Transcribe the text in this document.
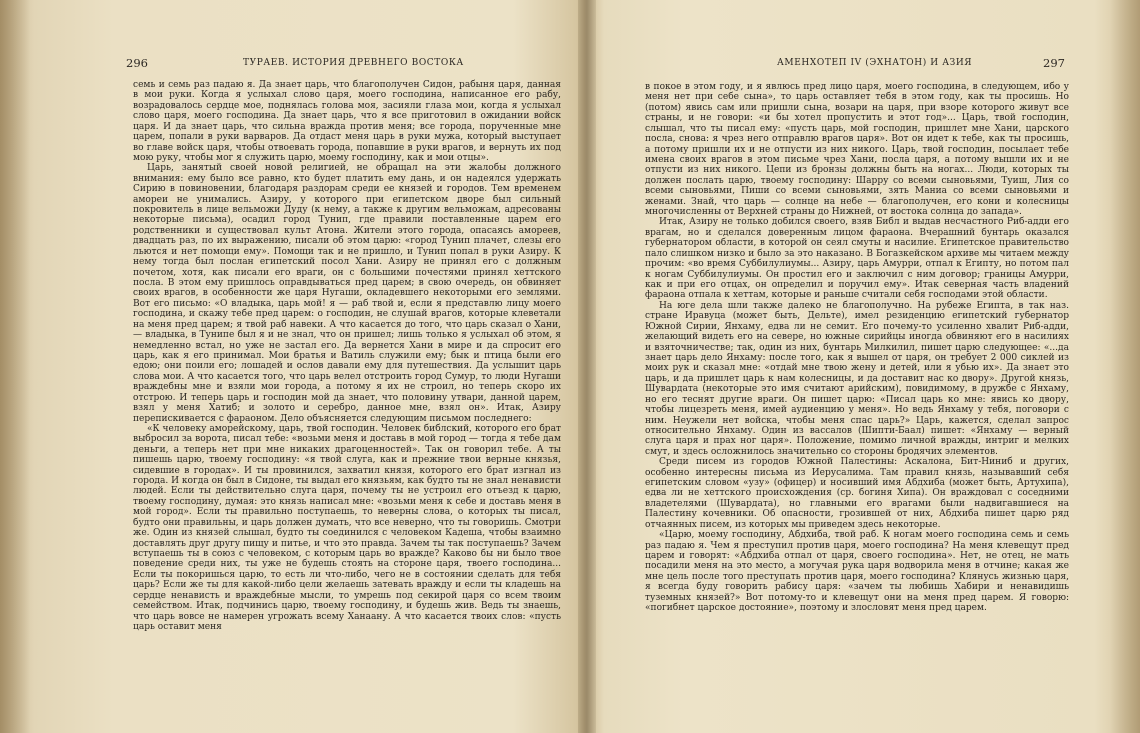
296	ТУРАЕВ. ИСТОРИЯ ДРЕВНЕГО ВОСТОКА

семь и семь раз падаю я. Да знает царь, что благополучен Сидон, рабыня царя, данная в мои руки. Когда я услыхал слово царя, моего господина, написанное его рабу, возрадовалось сердце мое, поднялась голова моя, засияли глаза мои, когда я услыхал слово царя, моего господина. Да знает царь, что я все приготовил в ожидании войск царя. И да знает царь, что сильна вражда против меня; все города, порученные мне царем, попали в руки варваров. Да отдаст меня царь в руки мужа, который выступает во главе войск царя, чтобы отвоевать города, попавшие в руки врагов, и вернуть их под мою руку, чтобы мог я служить царю, моему господину, как и мои отцы».

Царь, занятый своей новой религией, не обращал на эти жалобы должного внимания: ему было все равно, кто будет платить ему дань, и он надеялся удержать Сирию в повиновении, благодаря раздорам среди ее князей и городов. Тем временем амореи не унимались. Азиру, у которого при египетском дворе был сильный покровитель в лице вельможи Дуду (к нему, а также к другим вельможам, адресованы некоторые письма), осадил город Тунип, где правили поставленные царем его родственники и существовал культ Атона. Жители этого города, опасаясь амореев, двадцать раз, по их выражению, писали об этом царю: «город Тунип плачет, слезы его льются и нет помощи ему». Помощи так и не пришло, и Тунип попал в руки Азиру. К нему тогда был послан египетский посол Хани. Азиру не принял его с должным почетом, хотя, как писали его враги, он с большими почестями принял хеттского посла. В этом ему пришлось оправдываться пред царем; в свою очередь, он обвиняет своих врагов, в особенности же царя Нугаши, окладевшего некоторыми его землями. Вот его письмо: «О владыка, царь мой! я — раб твой и, если я представлю лицу моего господина, и скажу тебе пред царем: о господин, не слушай врагов, которые клеветали на меня пред царем; я твой раб навеки. А что касается до того, что царь сказал о Хани, — владыка, в Тунипе был я и не знал, что он пришел; лишь только я услыхал об этом, я немедленно встал, но уже не застал его. Да вернется Хани в мире и да спросит его царь, как я его принимал. Мои братья и Ватиль служили ему; бык и птица были его едою; они поили его; лошадей и ослов давали ему для путешествия. Да услышит царь слова мои. А что касается того, что царь велел отстроить город Сумур, то люди Нугаши враждебны мне и взяли мои города, а потому я их не строил, но теперь скоро их отстрою. И теперь царь и господин мой да знает, что половину утвари, данной царем, взял у меня Хатиб; и золото и серебро, данное мне, взял он». Итак, Азиру перепискивается с фараоном. Дело объясняется следующим письмом последнего:

«К человеку аморейскому, царь, твой господин. Человек библский, которого его брат выбросил за ворота, писал тебе: «возьми меня и доставь в мой город — тогда я тебе дам деньги, а теперь нет при мне никаких драгоценностей». Так он говорил тебе. А ты пишешь царю, твоему господину: «я твой слуга, как и прежние твои верные князья, сидевшие в городах». И ты провинился, захватил князя, которого его брат изгнал из города. И когда он был в Сидоне, ты выдал его князьям, как будто ты не знал ненависти людей. Если ты действительно слуга царя, почему ты не устроил его отъезд к царю, твоему господину, думая: это князь написал мне: «возьми меня к себе и доставь меня в мой город». Если ты правильно поступаешь, то неверны слова, о которых ты писал, будто они правильны, и царь должен думать, что все неверно, что ты говоришь. Смотри же. Один из князей слышал, будто ты соединился с человеком Кадеша, чтобы взаимно доставлять друг другу пищу и питье, и что это правда. Зачем ты так поступаешь? Зачем вступаешь ты в союз с человеком, с которым царь во вражде? Каково бы ни было твое поведение среди них, ты уже не будешь стоять на стороне царя, твоего господина... Если ты покоришься царю, то есть ли что-либо, чего не в состоянии сделать для тебя царь? Если же ты для какой-либо цели желаешь затевать вражду и если ты кладешь на сердце ненависть и враждебные мысли, то умрешь под секирой царя со всем твоим семейством. Итак, подчинись царю, твоему господину, и будешь жив. Ведь ты знаешь, что царь вовсе не намерен угрожать всему Ханаану. А что касается твоих слов: «пусть царь оставит меня

АМЕНХОТЕП IV (ЭХНАТОН) И АЗИЯ	297

в покое в этом году, и я явлюсь пред лицо царя, моего господина, в следующем, ибо у меня нет при себе сына», то царь оставляет тебя в этом году, как ты просишь. Но (потом) явись сам или пришли сына, возари на царя, при взоре которого живут все страны, и не говори: «и бы хотел пропустить и этот год»... Царь, твой господин, слышал, что ты писал ему: «пусть царь, мой господин, пришлет мне Хани, царского посла, снова: я чрез него отправлю врагов царя». Вот он идет к тебе, как ты просишь, а потому пришли их и не отпусти из них никого. Царь, твой господин, посылает тебе имена своих врагов в этом письме чрез Хани, посла царя, а потому вышли их и не отпусти из них никого. Цепи из бронзы должны быть на ногах... Люди, которых ты должен послать царю, твоему господину: Шарру со всеми сыновьями, Туиш, Лия со всеми сыновьями, Пиши со всеми сыновьями, зять Маниа со всеми сыновьями и женами. Знай, что царь — солнце на небе — благополучен, его кони и колесницы многочисленны от Верхней страны до Нижней, от востока солнца до запада».

Итак, Азиру не только добился своего, взяв Библ и выдав несчастного Риб-адди его врагам, но и сделался доверенным лицом фараона. Вчерашний бунтарь оказался губернатором области, в которой он сеял смуты и насилие. Египетское правительство пало слишком низко и было за это наказано. В Богазкейском архиве мы читаем между прочим: «во время Суббилулиумы... Азиру, царь Амурри, отпал к Египту, но потом пал к ногам Суббилулиумы. Он простил его и заключил с ним договор; границы Амурри, как и при его отцах, он определил и поручил ему». Итак северная часть владений фараона отпала к хеттам, которые и раньше считали себя господами этой области.

На юге дела шли также далеко не благополучно. На рубеже Египта, в так наз. стране Иравуца (может быть, Дельте), имел резиденцию египетский губернатор Южной Сирии, Янхаму, едва ли не семит. Его почему-то усиленно хвалит Риб-адди, желающий видеть его на севере, но южные сирийцы иногда обвиняют его в насилиях и взяточничестве; так, один из них, бунтарь Милкилил, пишет царю следующее: «...да знает царь дело Янхаму: после того, как я вышел от царя, он требует 2 000 сиклей из моих рук и сказал мне: «отдай мне твою жену и детей, или я убью их». Да знает это царь, и да пришлет царь к нам колесницы, и да доставит нас ко двору». Другой князь, Шувардата (некоторые это имя считают арийским), повидимому, в дружбе с Янхаму, но его теснят другие враги. Он пишет царю: «Писал царь ко мне: явись ко двору, чтобы лицезреть меня, имей аудиенцию у меня». Но ведь Янхаму у тебя, поговори с ним. Неужели нет войска, чтобы меня спас царь?» Царь, кажется, сделал запрос относительно Янхаму. Один из вассалов (Шипти-Баал) пишет: «Янхаму — верный слуга царя и прах ног царя». Положение, помимо личной вражды, интриг и мелких смут, и здесь осложнилось значительно со стороны бродячих элементов.

Среди писем из городов Южной Палестины: Аскалона, Бит-Ниниб и других, особенно интересны письма из Иерусалима. Там правил князь, называвший себя египетским словом «узу» (офицер) и носивший имя Абдхиба (может быть, Артухипа), едва ли не хеттского происхождения (ср. богиня Хипа). Он враждовал с соседними владетелями (Шувардата), но главными его врагами были надвигавшиеся на Палестину кочевники. Об опасности, грозившей от них, Абдхиба пишет царю ряд отчаянных писем, из которых мы приведем здесь некоторые.

«Царю, моему господину, Абдхиба, твой раб. К ногам моего господина семь и семь раз падаю я. Чем я преступил против царя, моего господина? На меня клевещут пред царем и говорят: «Абдхиба отпал от царя, своего господина». Нет, не отец, не мать посадили меня на это место, а могучая рука царя водворила меня в отчине; какая же мне цель после того преступать против царя, моего господина? Клянусь жизнью царя, я всегда буду говорить рабису царя: «зачем ты любишь Хабири и ненавидишь туземных князей?» Вот потому-то и клевещут они на меня пред царем. Я говорю: «погибнет царское достояние», поэтому и злословят меня пред царем.
